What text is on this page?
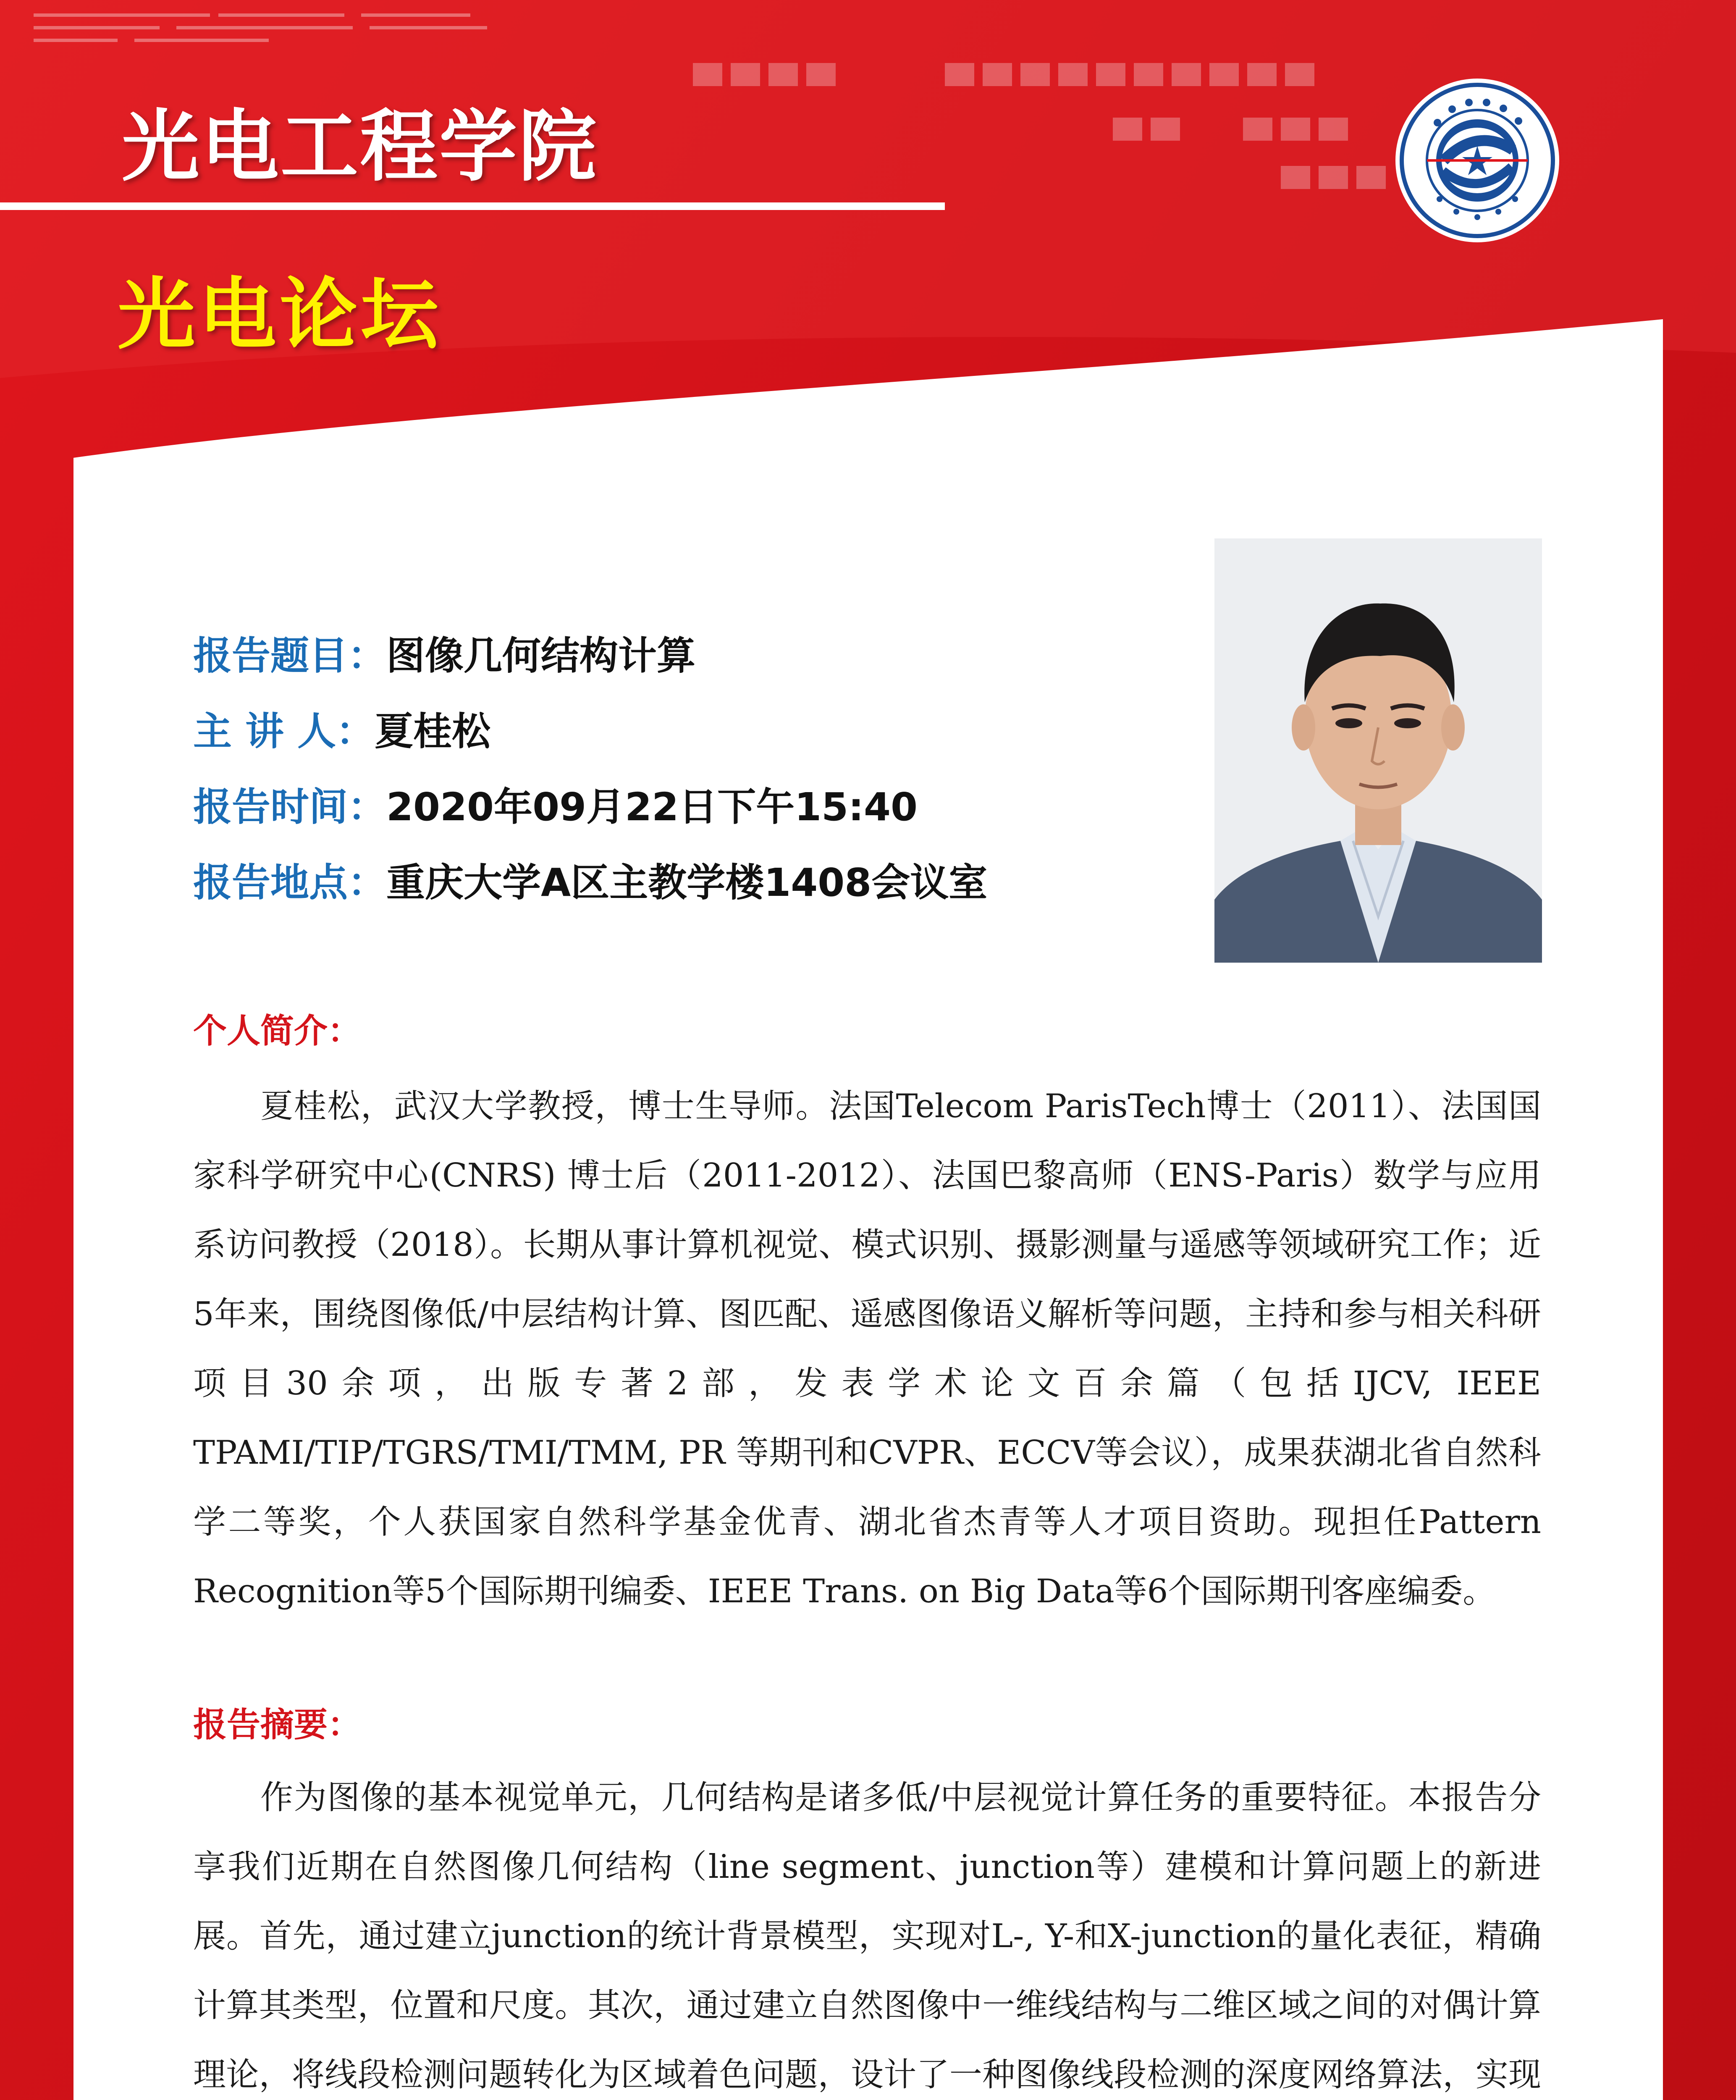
光电工程学院
光电论坛
报告题目：图像几何结构计算
主 讲 人：夏桂松
报告时间：2020年09月22日下午15:40
报告地点：重庆大学A区主教学楼1408会议室
个人简介：
夏桂松，武汉大学教授，博士生导师。法国Telecom ParisTech博士（2011）、法国国家科学研究中心(CNRS) 博士后（2011-2012）、法国巴黎高师（ENS-Paris）数学与应用系访问教授（2018）。长期从事计算机视觉、模式识别、摄影测量与遥感等领域研究工作；近5年来，围绕图像低/中层结构计算、图匹配、遥感图像语义解析等问题，主持和参与相关科研项目30余项，出版专著2部，发表学术论文百余篇（包括IJCV, IEEE TPAMI/TIP/TGRS/TMI/TMM, PR 等期刊和CVPR、ECCV等会议），成果获湖北省自然科学二等奖，个人获国家自然科学基金优青、湖北省杰青等人才项目资助。现担任Pattern Recognition等5个国际期刊编委、IEEE Trans. on Big Data等6个国际期刊客座编委。
报告摘要：
作为图像的基本视觉单元，几何结构是诸多低/中层视觉计算任务的重要特征。本报告分享我们近期在自然图像几何结构（line segment、junction等）建模和计算问题上的新进展。首先，通过建立junction的统计背景模型，实现对L-, Y-和X-junction的量化表征，精确计算其类型，位置和尺度。其次，通过建立自然图像中一维线结构与二维区域之间的对偶计算理论，将线段检测问题转化为区域着色问题，设计了一种图像线段检测的深度网络算法，实现
